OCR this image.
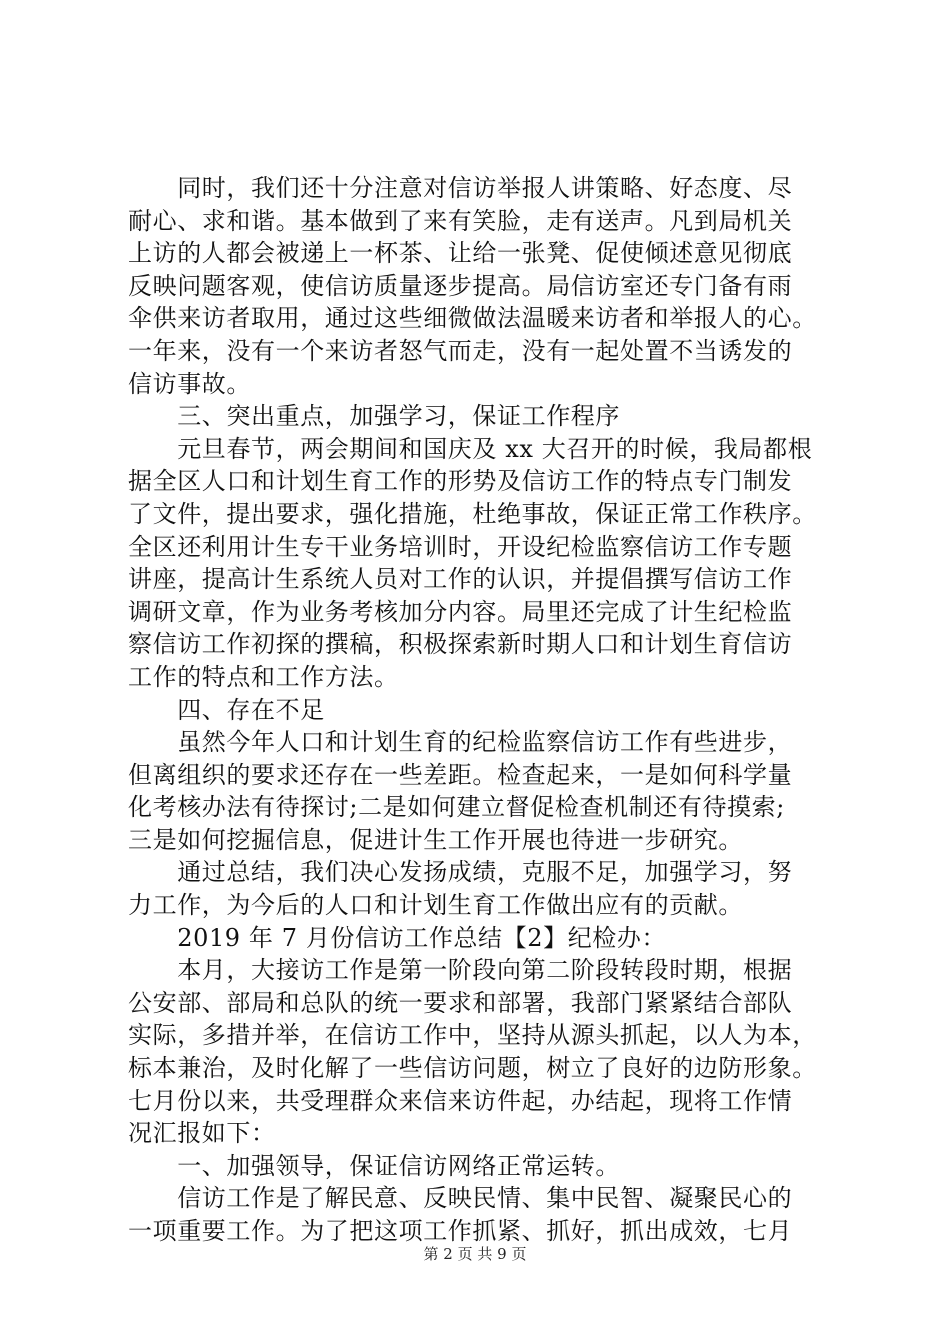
　　同时，我们还十分注意对信访举报人讲策略、好态度、尽
耐心、求和谐。基本做到了来有笑脸，走有送声。凡到局机关
上访的人都会被递上一杯茶、让给一张凳、促使倾述意见彻底
反映问题客观，使信访质量逐步提高。局信访室还专门备有雨
伞供来访者取用，通过这些细微做法温暖来访者和举报人的心。
一年来，没有一个来访者怒气而走，没有一起处置不当诱发的
信访事故。
　　三、突出重点，加强学习，保证工作程序
　　元旦春节，两会期间和国庆及 xx 大召开的时候，我局都根
据全区人口和计划生育工作的形势及信访工作的特点专门制发
了文件，提出要求，强化措施，杜绝事故，保证正常工作秩序。
全区还利用计生专干业务培训时，开设纪检监察信访工作专题
讲座，提高计生系统人员对工作的认识，并提倡撰写信访工作
调研文章，作为业务考核加分内容。局里还完成了计生纪检监
察信访工作初探的撰稿，积极探索新时期人口和计划生育信访
工作的特点和工作方法。
　　四、存在不足
　　虽然今年人口和计划生育的纪检监察信访工作有些进步，
但离组织的要求还存在一些差距。检查起来，一是如何科学量
化考核办法有待探讨;二是如何建立督促检查机制还有待摸索;
三是如何挖掘信息，促进计生工作开展也待进一步研究。
　　通过总结，我们决心发扬成绩，克服不足，加强学习，努
力工作，为今后的人口和计划生育工作做出应有的贡献。
　　2019 年 7 月份信访工作总结【2】纪检办：
　　本月，大接访工作是第一阶段向第二阶段转段时期，根据
公安部、部局和总队的统一要求和部署，我部门紧紧结合部队
实际，多措并举，在信访工作中，坚持从源头抓起，以人为本，
标本兼治，及时化解了一些信访问题，树立了良好的边防形象。
七月份以来，共受理群众来信来访件起，办结起，现将工作情
况汇报如下：
　　一、加强领导，保证信访网络正常运转。
　　信访工作是了解民意、反映民情、集中民智、凝聚民心的
一项重要工作。为了把这项工作抓紧、抓好，抓出成效，七月
第 2 页 共 9 页
